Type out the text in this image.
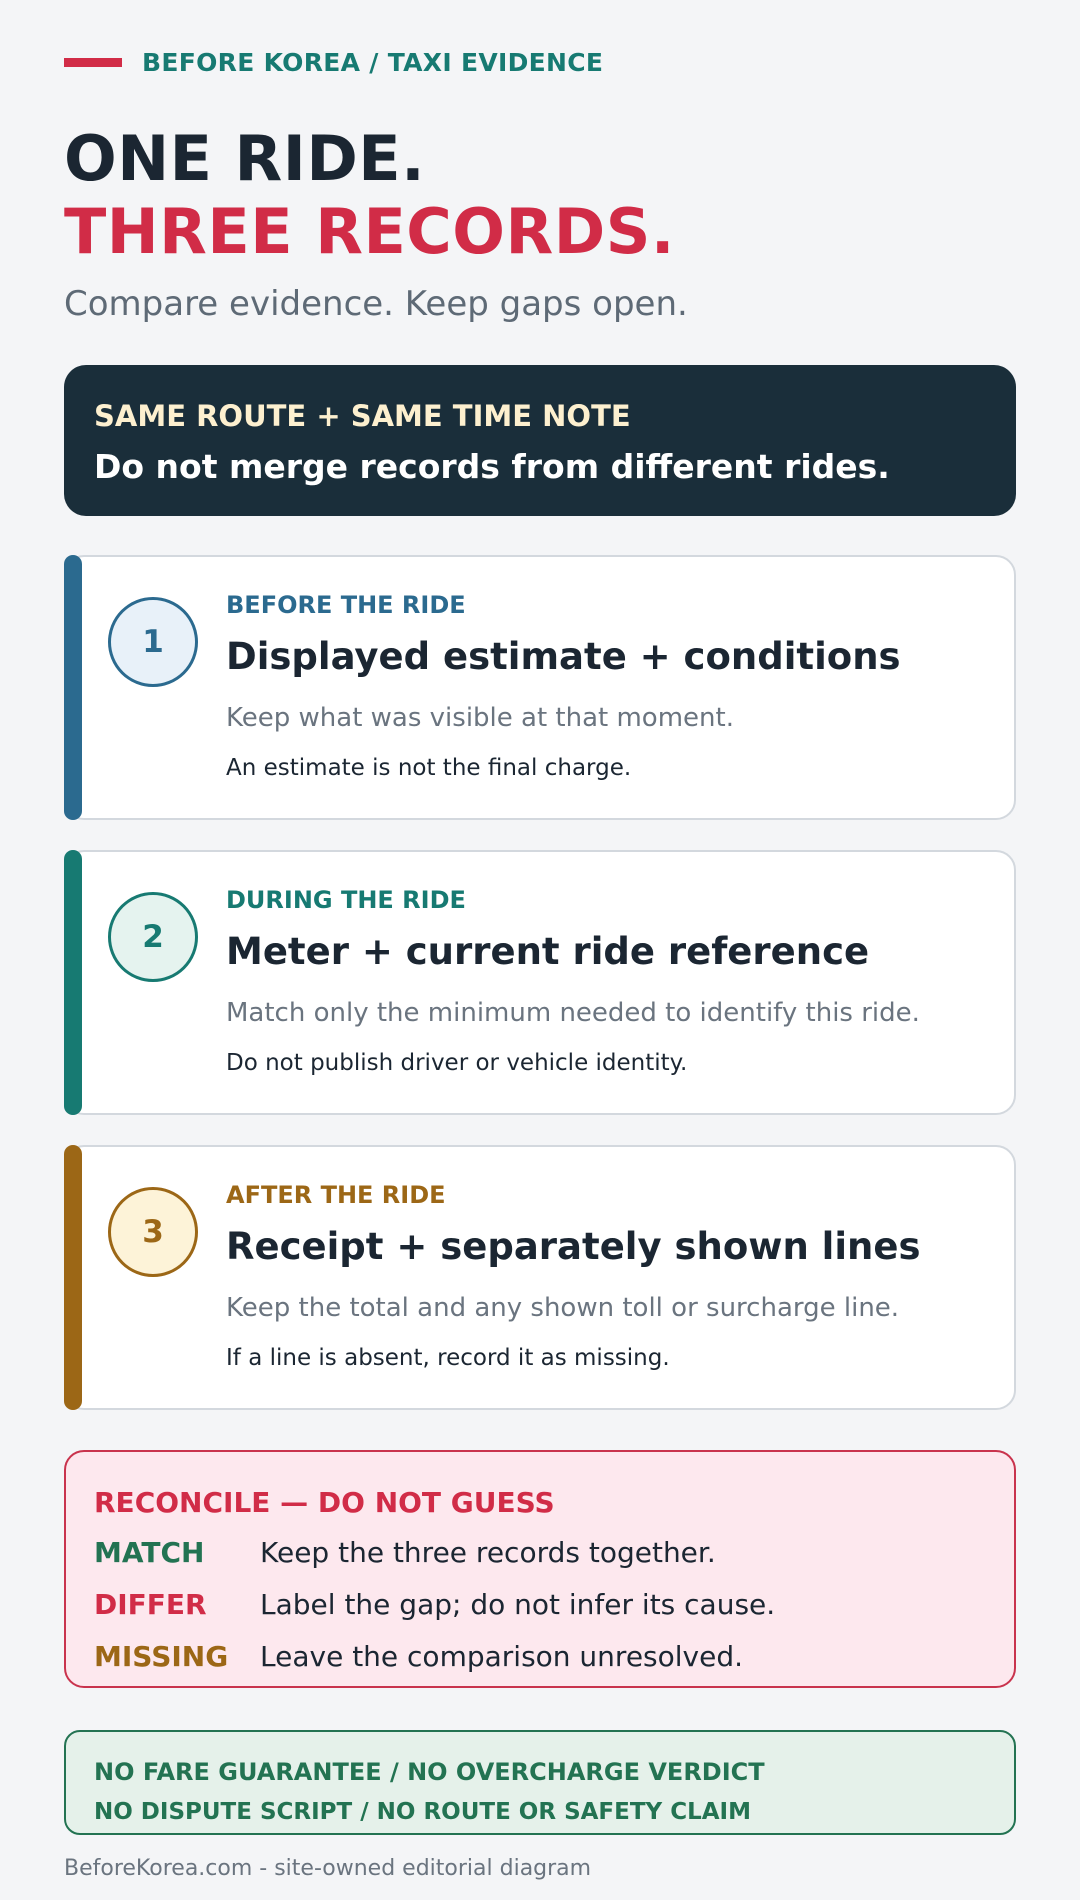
BEFORE KOREA / TAXI EVIDENCE
ONE RIDE.
THREE RECORDS.
Compare evidence. Keep gaps open.
SAME ROUTE + SAME TIME NOTE
Do not merge records from different rides.
1
BEFORE THE RIDE
Displayed estimate + conditions
Keep what was visible at that moment.
An estimate is not the final charge.
2
DURING THE RIDE
Meter + current ride reference
Match only the minimum needed to identify this ride.
Do not publish driver or vehicle identity.
3
AFTER THE RIDE
Receipt + separately shown lines
Keep the total and any shown toll or surcharge line.
If a line is absent, record it as missing.
RECONCILE — DO NOT GUESS
MATCH	Keep the three records together.
DIFFER	Label the gap; do not infer its cause.
MISSING	Leave the comparison unresolved.
NO FARE GUARANTEE / NO OVERCHARGE VERDICT
NO DISPUTE SCRIPT / NO ROUTE OR SAFETY CLAIM
BeforeKorea.com - site-owned editorial diagram
